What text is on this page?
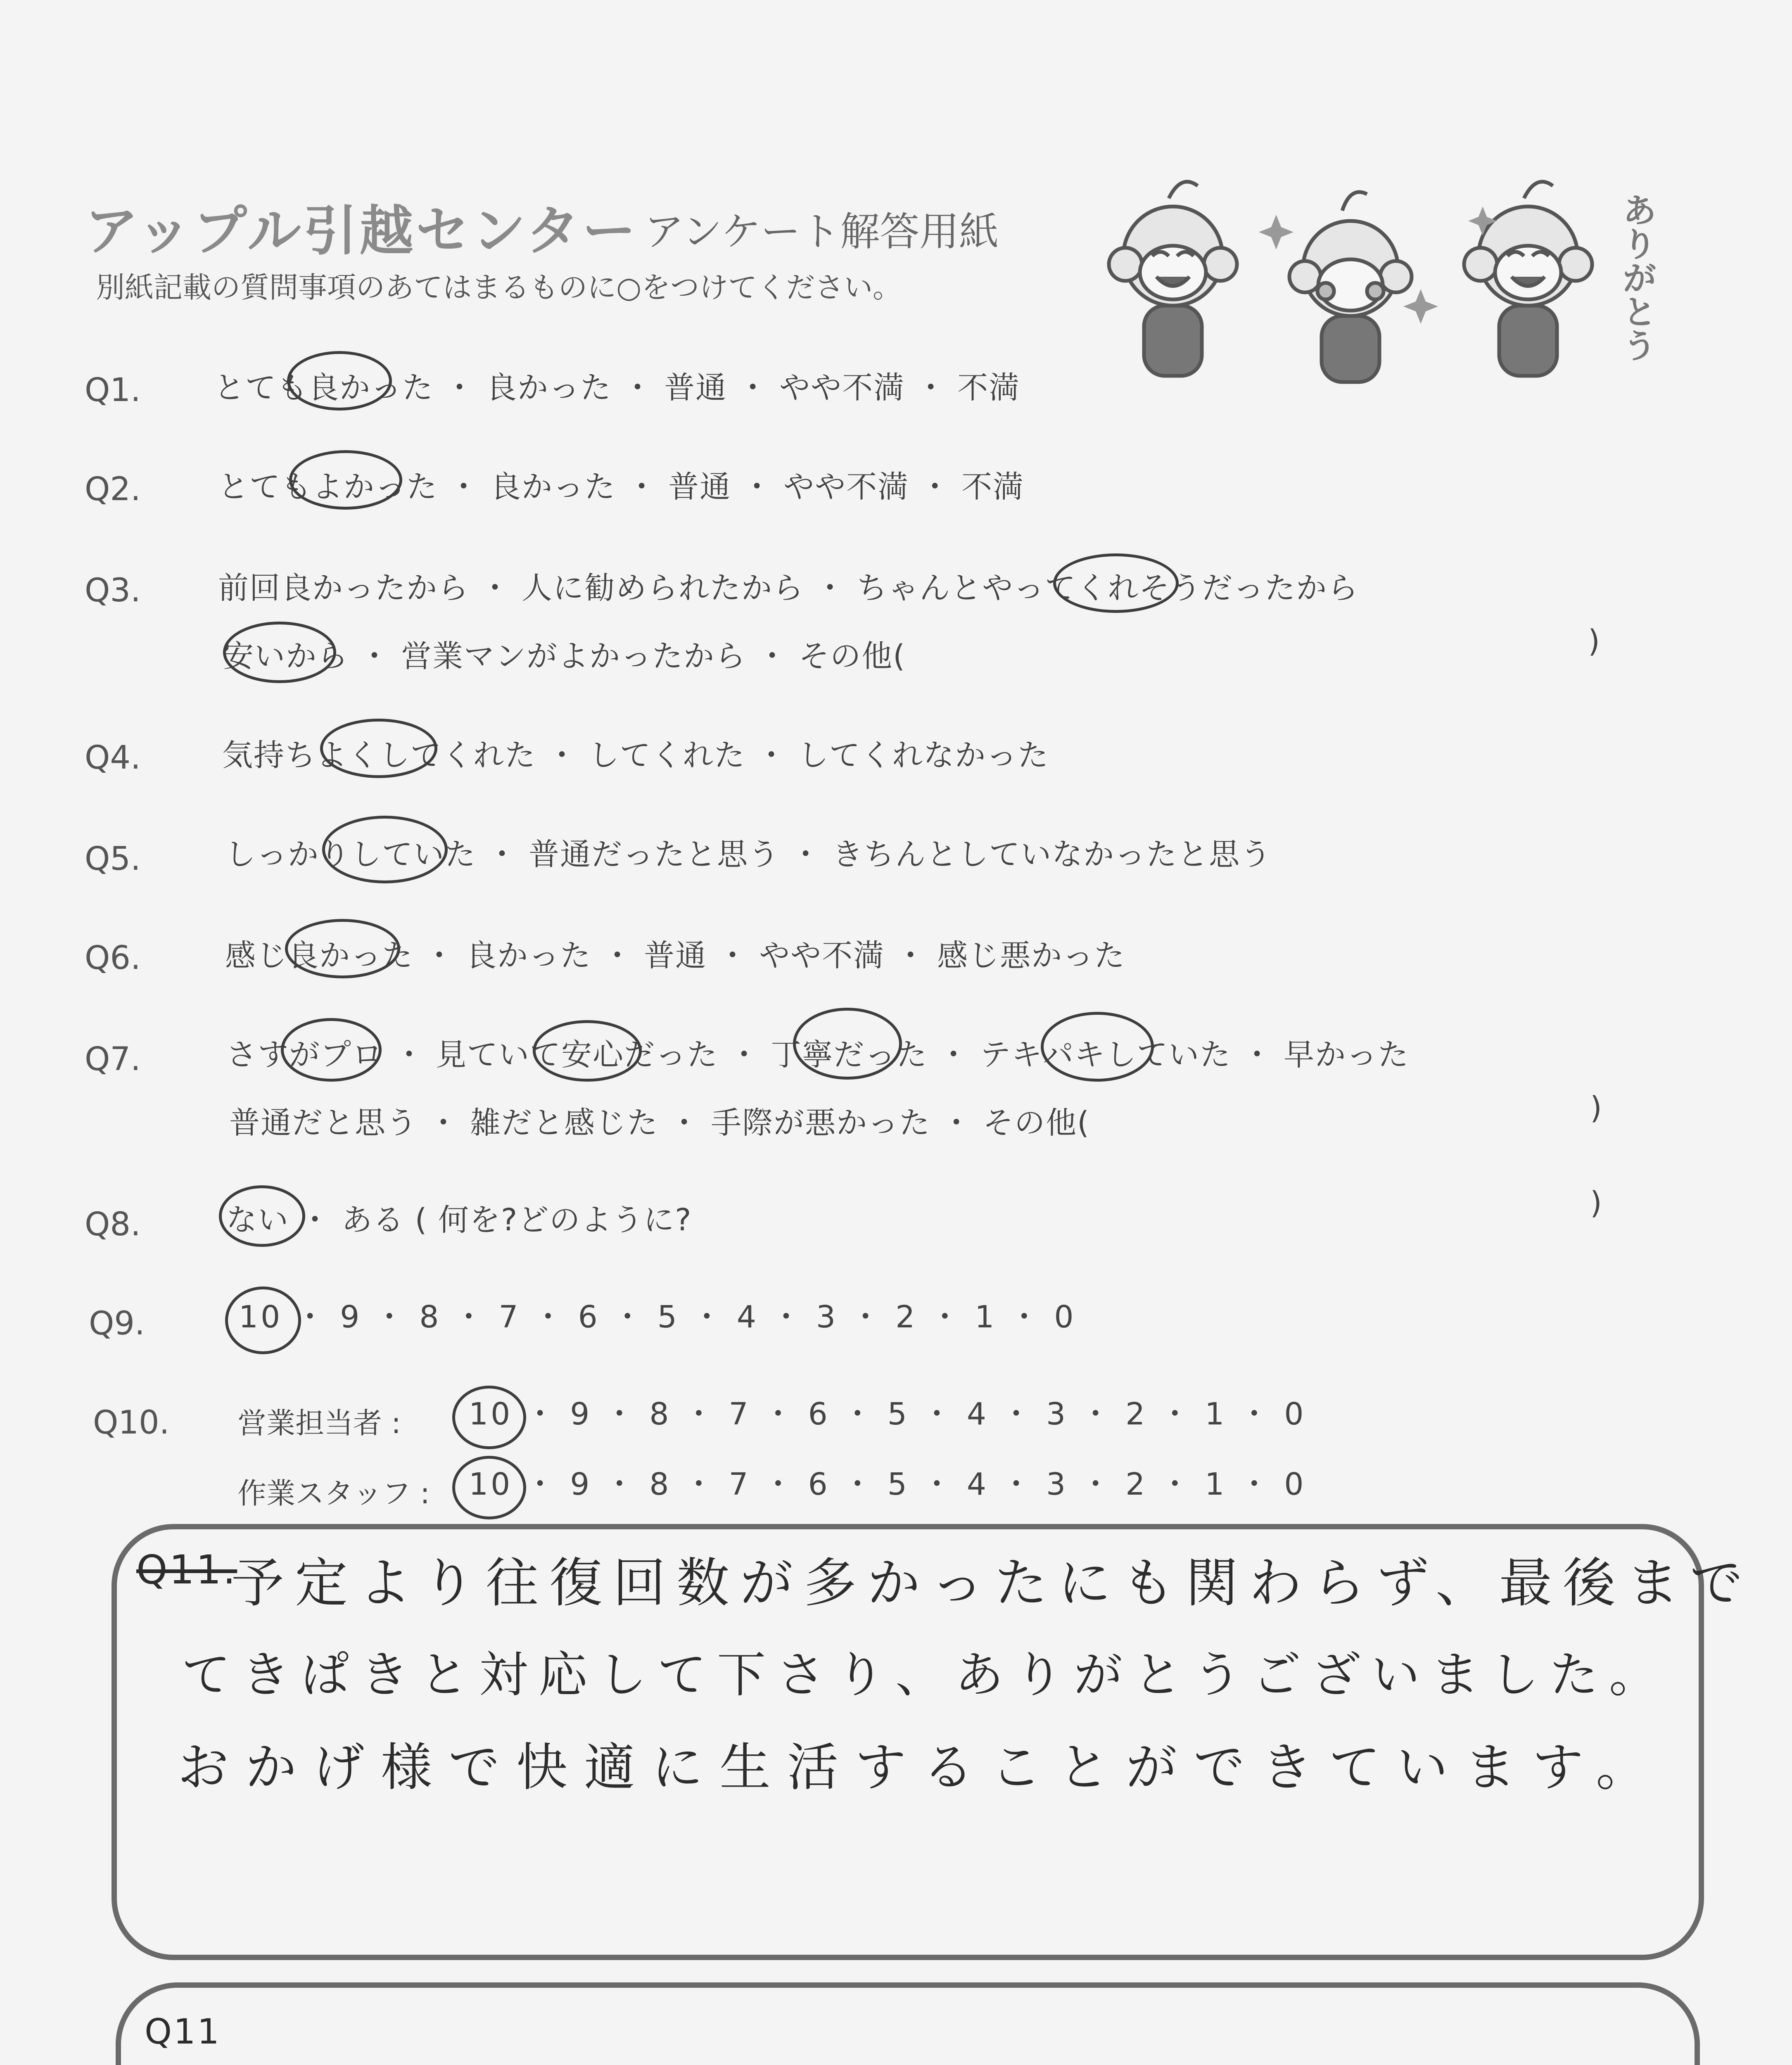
アップル引越センター アンケート解答用紙
別紙記載の質問事項のあてはまるものに○をつけてください。
ありがとう
Q1. とても良かった ・ 良かった ・ 普通 ・ やや不満 ・ 不満
Q2.	とてもよかった ・ 良かった ・ 普通 ・ やや不満 ・ 不満
Q3.	前回良かったから ・ 人に勧められたから ・ ちゃんとやってくれそうだったから
安いから ・ 営業マンがよかったから ・ その他(	)
Q4.	気持ちよくしてくれた ・ してくれた ・ してくれなかった
Q5.	しっかりしていた ・ 普通だったと思う ・ きちんとしていなかったと思う
Q6.	感じ良かった ・ 良かった ・ 普通 ・ やや不満 ・ 感じ悪かった
Q7.	さすがプロ ・ 見ていて安心だった ・ 丁寧だった ・ テキパキしていた ・ 早かった
普通だと思う ・ 雑だと感じた ・ 手際が悪かった ・ その他(	)
Q8.	ない ・ ある ( 何を?どのように?	)
Q9.	10 ・ 9 ・ 8 ・ 7 ・ 6 ・ 5 ・ 4 ・ 3 ・ 2 ・ 1 ・ 0
Q10. 営業担当者 : 10 ・ 9 ・ 8 ・ 7 ・ 6 ・ 5 ・ 4 ・ 3 ・ 2 ・ 1 ・ 0
作業スタッフ : 10 ・ 9 ・ 8 ・ 7 ・ 6 ・ 5 ・ 4 ・ 3 ・ 2 ・ 1 ・ 0
Q11.
予定より往復回数が多かったにも関わらず、最後まで
てきぱきと対応して下さり、ありがとうございました。
おかげ様で快適に生活することができています。
Q11
